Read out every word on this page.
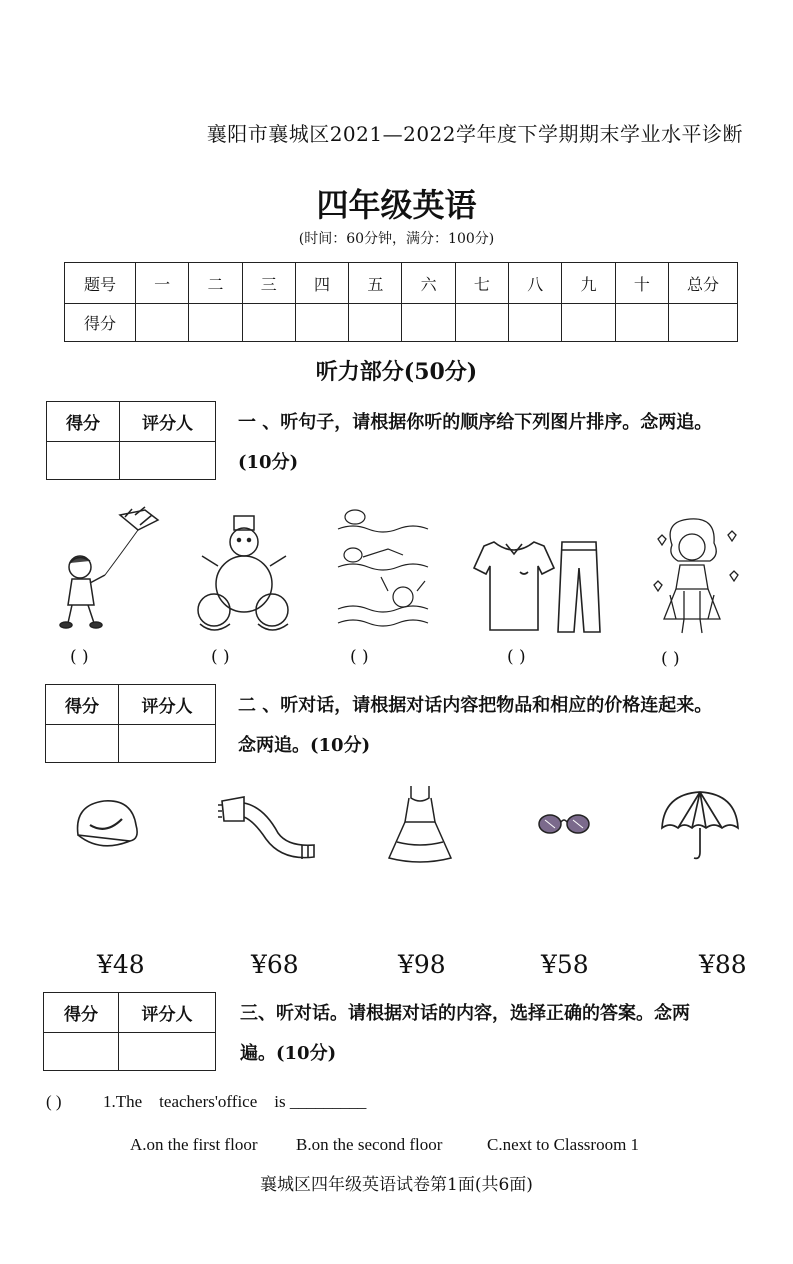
襄阳市襄城区2021—2022学年度下学期期末学业水平诊断
四年级英语
(时间：60分钟，满分：100分)
题号	一	二	三	四	五	六	七	八	九	十	总分
得分											
听力部分(50分)
得分	评分人
		一 、听句子，请根据你听的顺序给下列图片排序。念两追。
(10分)
( )	( )	( )	( )	( )
得分	评分人
		二 、听对话，请根据对话内容把物品和相应的价格连起来。
念两追。(10分)
¥48	¥68	¥98	¥58	¥88
得分	评分人
		三、听对话。请根据对话的内容，选择正确的答案。念两
遍。(10分)
( ) 1.The    teachers'office    is _________
A.on the first floor B.on the second floor	C.next to Classroom 1
襄城区四年级英语试卷第1面(共6面)
